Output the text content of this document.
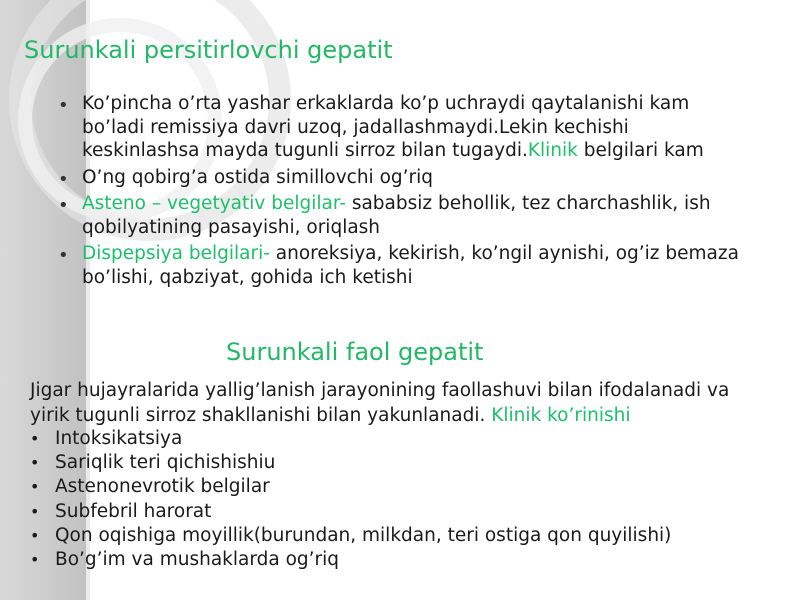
Surunkali persitirlovchi gepatit
• Ko’pincha o’rta yashar erkaklarda ko’p uchraydi qaytalanishi kam bo’ladi remissiya davri uzoq, jadallashmaydi.Lekin kechishi keskinlashsa mayda tugunli sirroz bilan tugaydi.Klinik belgilari kam
• O’ng qobirg’a ostida simillovchi og’riq
• Asteno – vegetyativ belgilar- sababsiz behollik, tez charchashlik, ish qobilyatining pasayishi, oriqlash
• Dispepsiya belgilari- anoreksiya, kekirish, ko’ngil aynishi, og’iz bemaza bo’lishi, qabziyat, gohida ich ketishi
Surunkali faol gepatit

Jigar hujayralarida yallig’lanish jarayonining faollashuvi bilan ifodalanadi va yirik tugunli sirroz shakllanishi bilan yakunlanadi. Klinik ko’rinishi

• Intoksikatsiya
• Sariqlik teri qichishishiu
• Astenonevrotik belgilar
• Subfebril harorat
• Qon oqishiga moyillik(burundan, milkdan, teri ostiga qon quyilishi)
• Bo’g’im va mushaklarda og’riq
